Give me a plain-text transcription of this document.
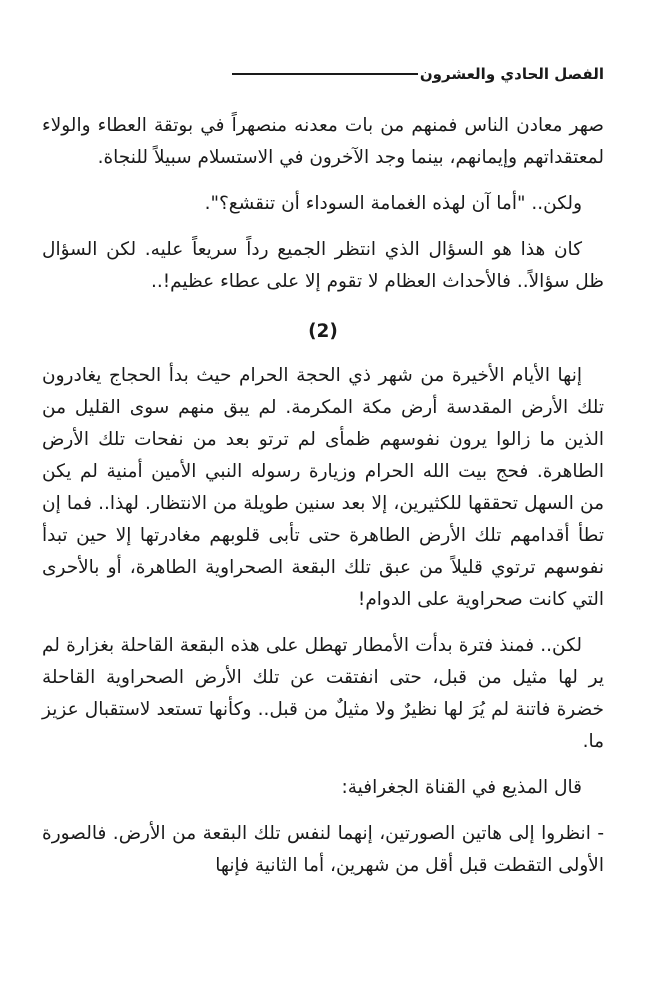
الفصل الحادي والعشرون

صهر معادن الناس فمنهم من بات معدنه منصهراً في بوتقة العطاء والولاء لمعتقداتهم وإيمانهم، بينما وجد الآخرون في الاستسلام سبيلاً للنجاة.

ولكن.. "أما آن لهذه الغمامة السوداء أن تنقشع؟".

كان هذا هو السؤال الذي انتظر الجميع رداً سريعاً عليه. لكن السؤال ظل سؤالاً.. فالأحداث العظام لا تقوم إلا على عطاء عظيم!..

(2)

إنها الأيام الأخيرة من شهر ذي الحجة الحرام حيث بدأ الحجاج يغادرون تلك الأرض المقدسة أرض مكة المكرمة. لم يبق منهم سوى القليل من الذين ما زالوا يرون نفوسهم ظمأى لم ترتو بعد من نفحات تلك الأرض الطاهرة. فحج بيت الله الحرام وزيارة رسوله النبي الأمين أمنية لم يكن من السهل تحققها للكثيرين، إلا بعد سنين طويلة من الانتظار. لهذا.. فما إن تطأ أقدامهم تلك الأرض الطاهرة حتى تأبى قلوبهم مغادرتها إلا حين تبدأ نفوسهم ترتوي قليلاً من عبق تلك البقعة الصحراوية الطاهرة، أو بالأحرى التي كانت صحراوية على الدوام!

لكن.. فمنذ فترة بدأت الأمطار تهطل على هذه البقعة القاحلة بغزارة لم ير لها مثيل من قبل، حتى انفتقت عن تلك الأرض الصحراوية القاحلة خضرة فاتنة لم يُرَ لها نظيرٌ ولا مثيلٌ من قبل.. وكأنها تستعد لاستقبال عزيز ما.

قال المذيع في القناة الجغرافية:

- انظروا إلى هاتين الصورتين، إنهما لنفس تلك البقعة من الأرض. فالصورة الأولى التقطت قبل أقل من شهرين، أما الثانية فإنها
